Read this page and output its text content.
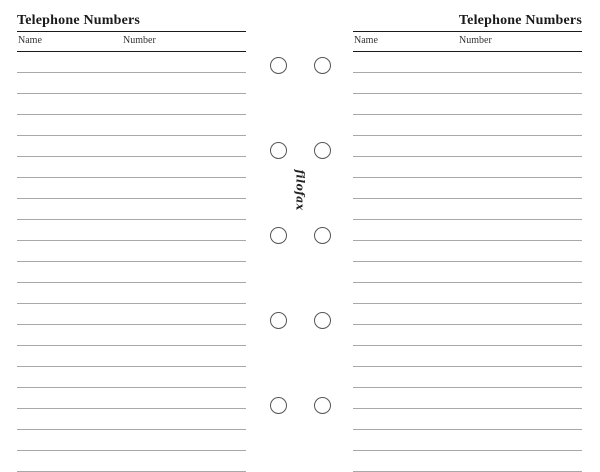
Telephone Numbers
Name	Number
Telephone Numbers
Name	Number
filofax
